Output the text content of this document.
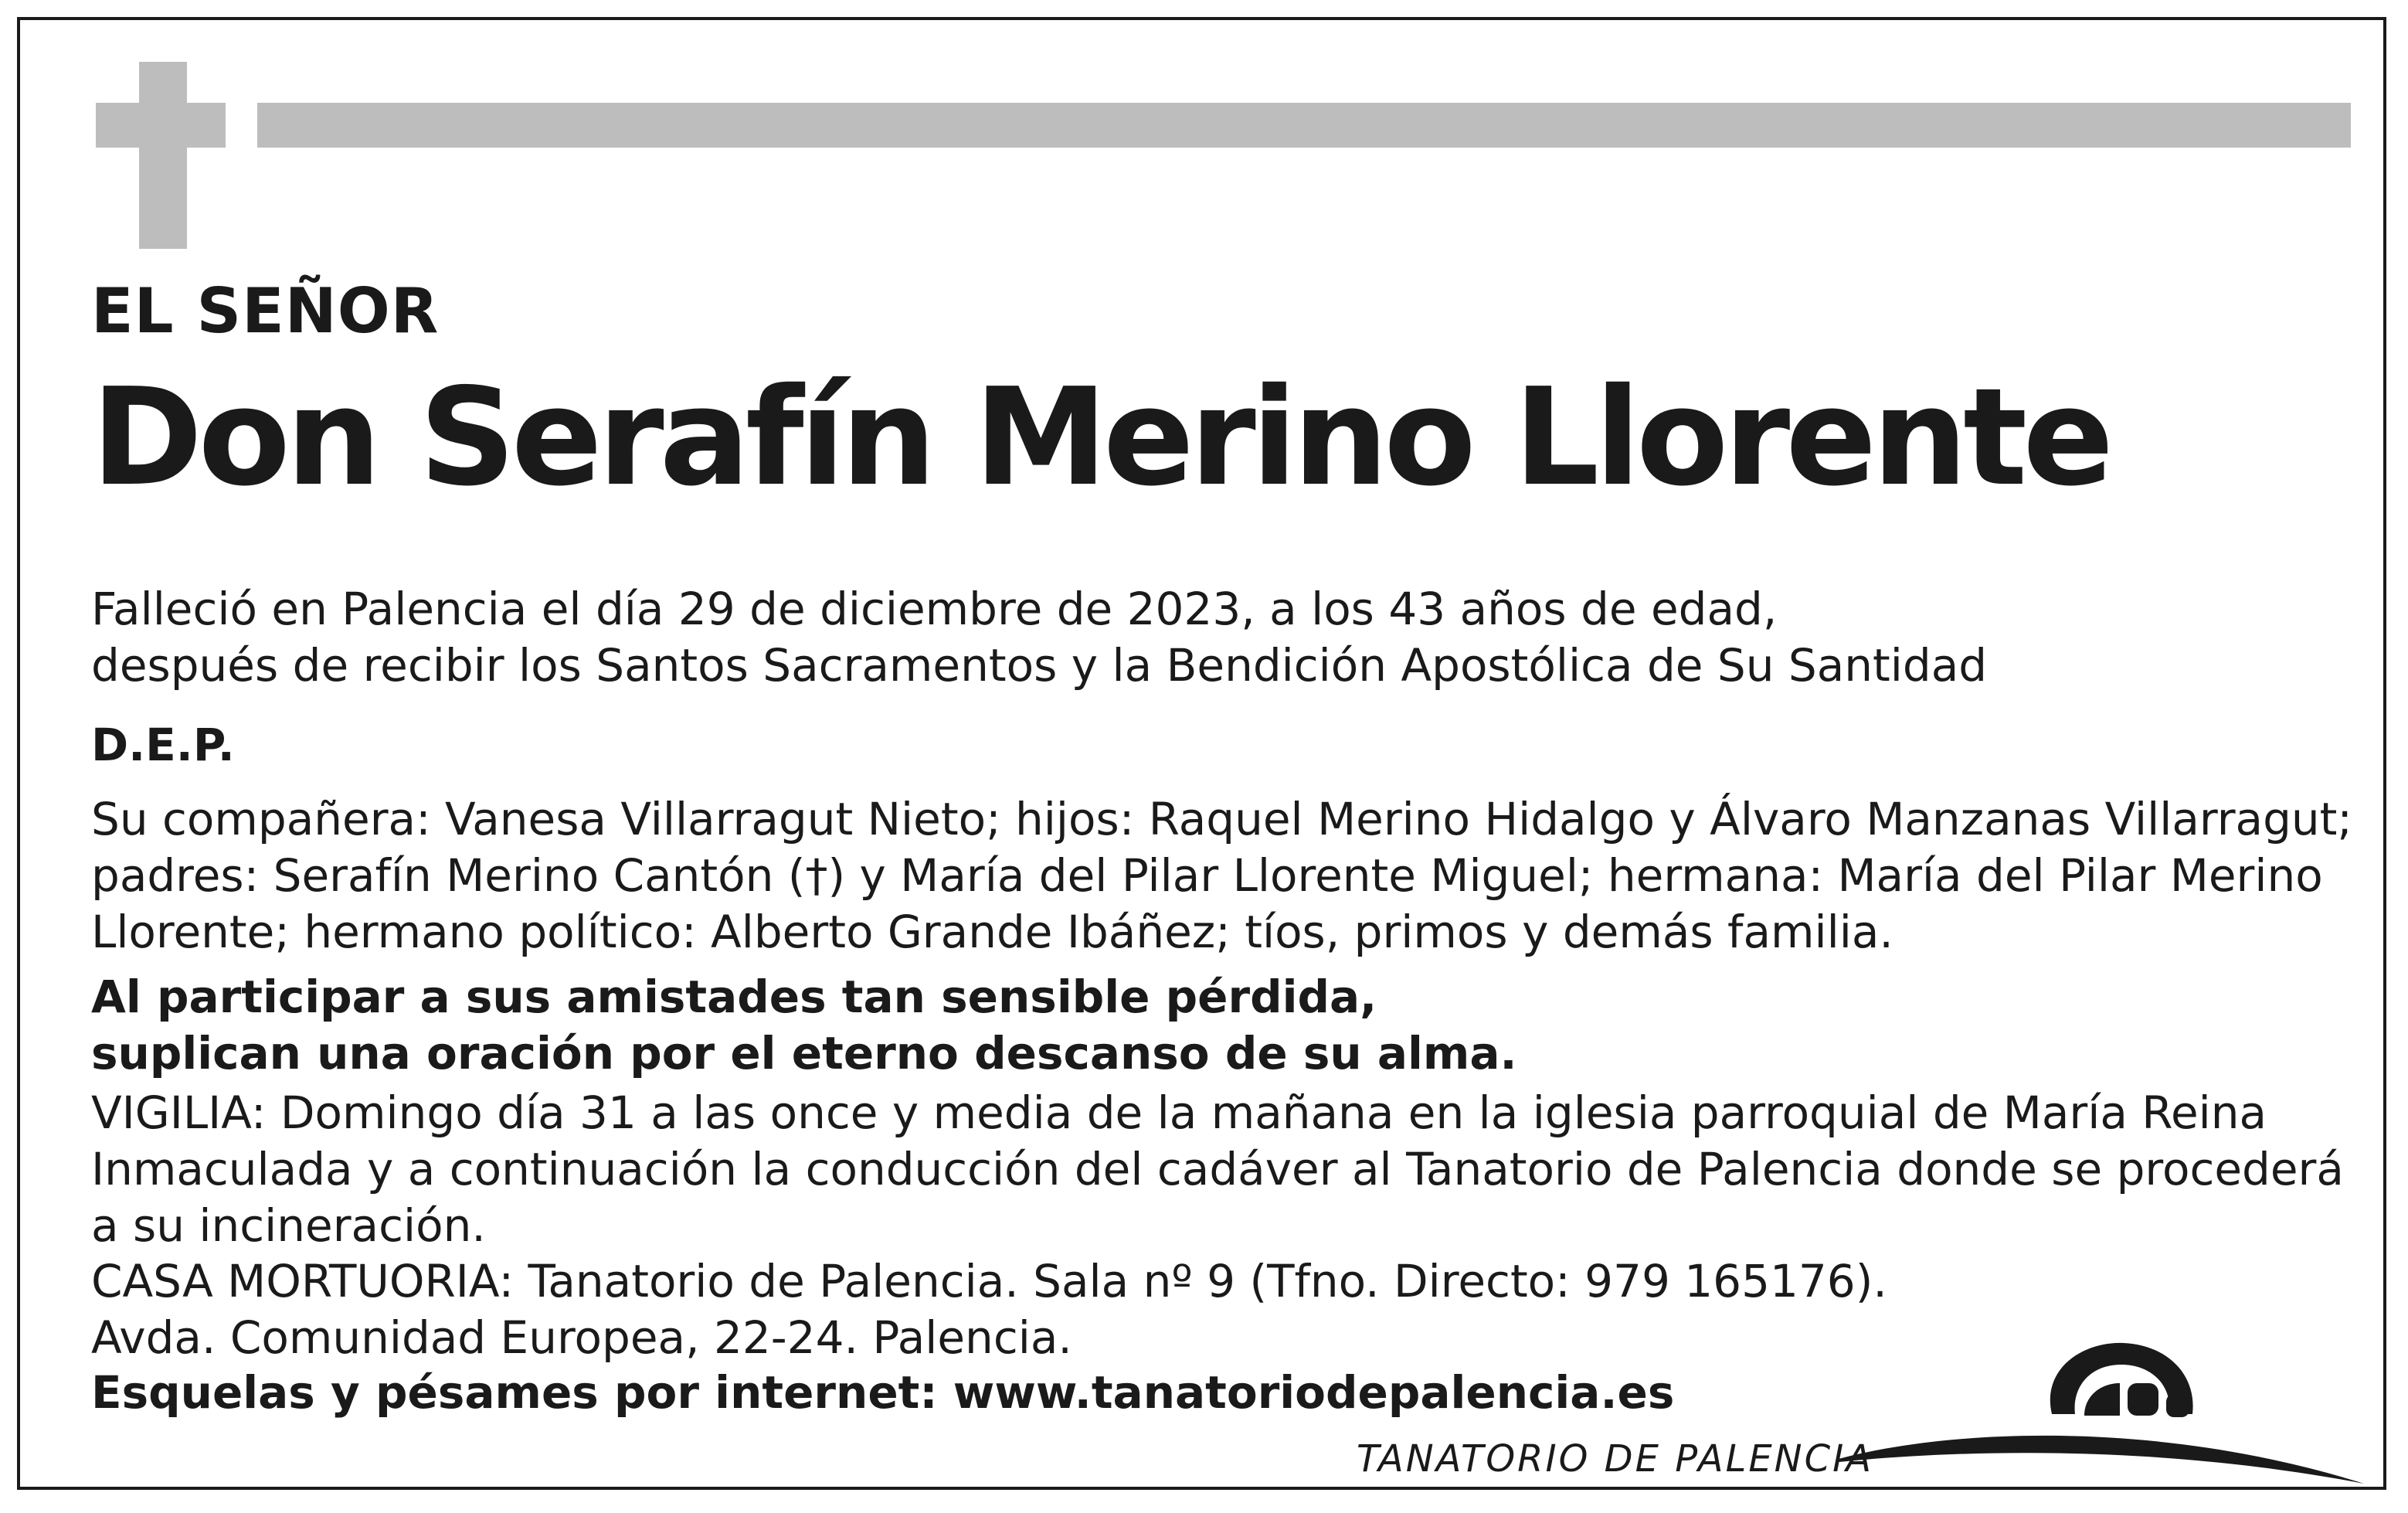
EL SEÑOR

Don Serafín Merino Llorente

Falleció en Palencia el día 29 de diciembre de 2023, a los 43 años de edad,
después de recibir los Santos Sacramentos y la Bendición Apostólica de Su Santidad

D.E.P.

Su compañera: Vanesa Villarragut Nieto; hijos: Raquel Merino Hidalgo y Álvaro Manzanas Villarragut;
padres: Serafín Merino Cantón (†) y María del Pilar Llorente Miguel; hermana: María del Pilar Merino
Llorente; hermano político: Alberto Grande Ibáñez; tíos, primos y demás familia.

Al participar a sus amistades tan sensible pérdida,
suplican una oración por el eterno descanso de su alma.

VIGILIA: Domingo día 31 a las once y media de la mañana en la iglesia parroquial de María Reina
Inmaculada y a continuación la conducción del cadáver al Tanatorio de Palencia donde se procederá
a su incineración.

CASA MORTUORIA: Tanatorio de Palencia. Sala nº 9 (Tfno. Directo: 979 165176).
Avda. Comunidad Europea, 22-24. Palencia.

Esquelas y pésames por internet: www.tanatoriodepalencia.es

TANATORIO DE PALENCIA
